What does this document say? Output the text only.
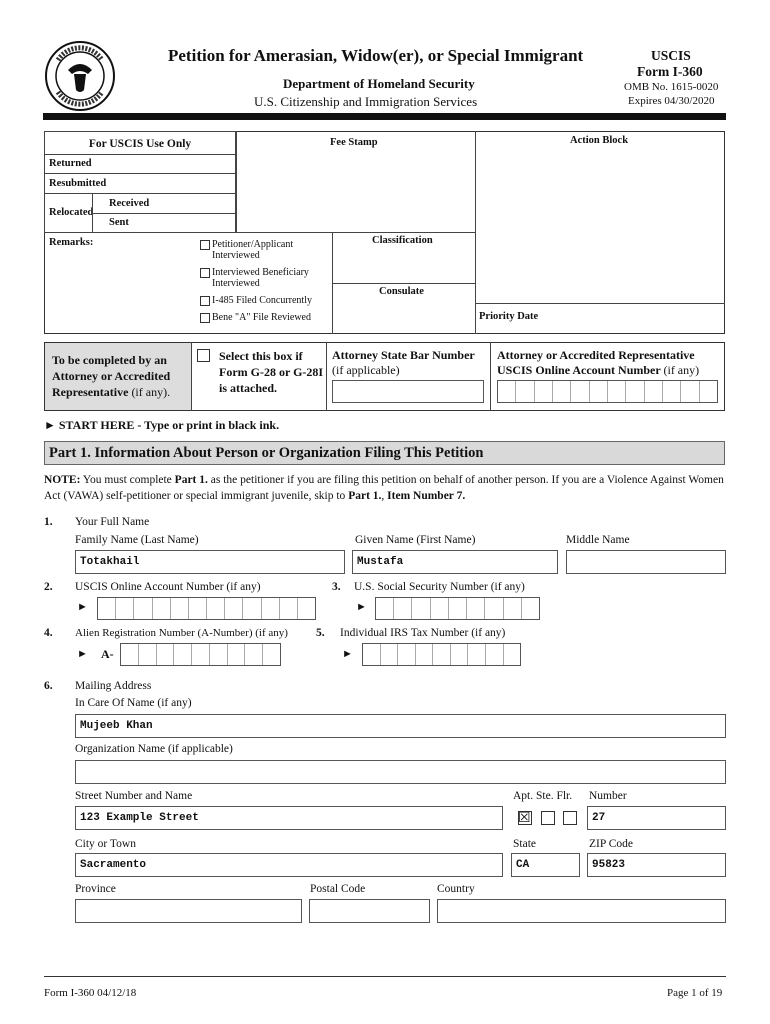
Petition for Amerasian, Widow(er), or Special Immigrant
Department of Homeland Security
U.S. Citizenship and Immigration Services
USCIS
Form I-360
OMB No. 1615-0020
Expires 04/30/2020
For USCIS Use Only
Returned
Resubmitted
Relocated
Received
Sent
Fee Stamp	Action Block
Remarks:	Petitioner/Applicant Interviewed
Interviewed Beneficiary Interviewed
I-485 Filed Concurrently
Bene "A" File Reviewed
Classification
Consulate
Priority Date
To be completed by an Attorney or Accredited Representative (if any).
Select this box if Form G-28 or G-28I is attached.
Attorney State Bar Number
(if applicable)
Attorney or Accredited Representative USCIS Online Account Number (if any)
► START HERE - Type or print in black ink.
Part 1. Information About Person or Organization Filing This Petition
NOTE: You must complete Part 1. as the petitioner if you are filing this petition on behalf of another person. If you are a Violence Against Women Act (VAWA) self-petitioner or special immigrant juvenile, skip to Part 1., Item Number 7.
1. Your Full Name
Family Name (Last Name)	Given Name (First Name)	Middle Name
Totakhail	Mustafa
2. USCIS Online Account Number (if any)
►
3. U.S. Social Security Number (if any)
►
4. Alien Registration Number (A-Number) (if any)
► A-
5. Individual IRS Tax Number (if any)
►
6. Mailing Address
In Care Of Name (if any)
Mujeeb Khan
Organization Name (if applicable)
Street Number and Name
123 Example Street
Apt. Ste. Flr.
☒
Number
27
City or Town
Sacramento
State
CA
ZIP Code
95823
Province	Postal Code	Country
Form I-360 04/12/18	Page 1 of 19
